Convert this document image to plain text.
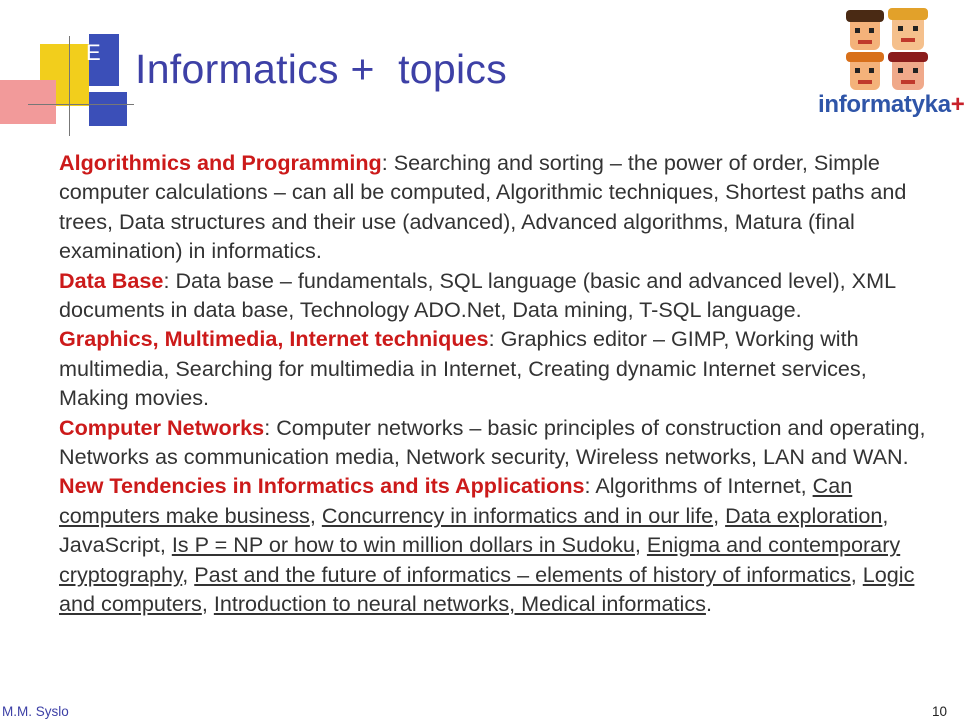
E Informatics +  topics
informatyka+

Algorithmics and Programming: Searching and sorting – the power of order, Simple computer calculations – can all be computed, Algorithmic techniques, Shortest paths and trees, Data structures and their use (advanced), Advanced algorithms, Matura (final examination) in informatics.

Data Base: Data base – fundamentals, SQL language (basic and advanced level), XML documents in data base, Technology ADO.Net, Data mining, T-SQL language.

Graphics, Multimedia, Internet techniques: Graphics editor – GIMP, Working with multimedia, Searching for multimedia in Internet, Creating dynamic Internet services, Making movies.

Computer Networks: Computer networks – basic principles of construction and operating, Networks as communication media, Network security, Wireless networks, LAN and WAN.

New Tendencies in Informatics and its Applications: Algorithms of Internet, Can computers make business, Concurrency in informatics and in our life, Data exploration, JavaScript, Is P = NP or how to win million dollars in Sudoku, Enigma and contemporary cryptography, Past and the future of informatics – elements of history of informatics, Logic and computers, Introduction to neural networks, Medical informatics.

M.M. Syslo	10
